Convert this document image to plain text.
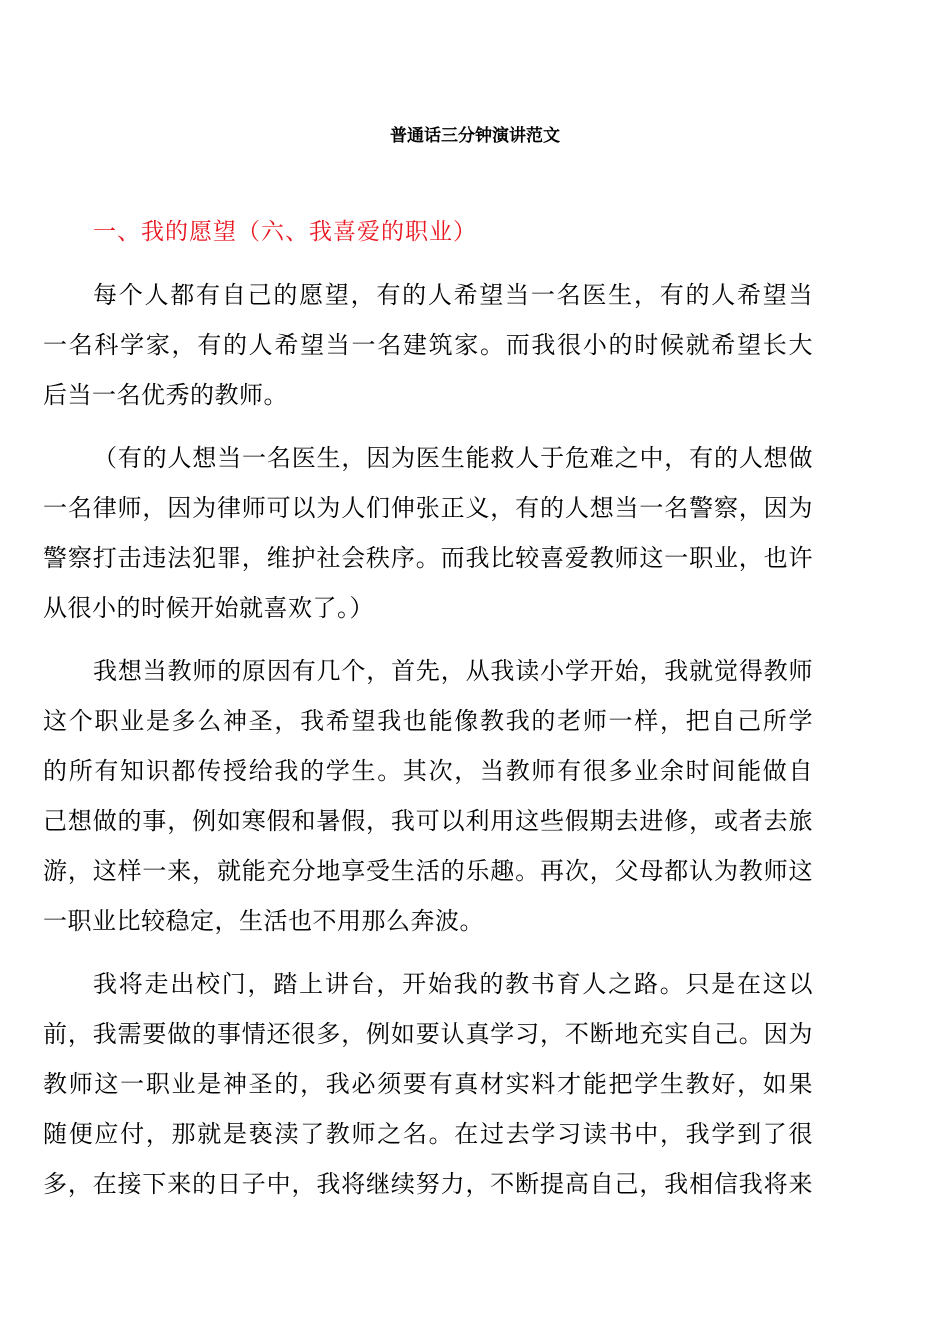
普通话三分钟演讲范文
一、我的愿望（六、我喜爱的职业）
每个人都有自己的愿望，有的人希望当一名医生，有的人希望当
一名科学家，有的人希望当一名建筑家。而我很小的时候就希望长大
后当一名优秀的教师。
（有的人想当一名医生，因为医生能救人于危难之中，有的人想做
一名律师，因为律师可以为人们伸张正义，有的人想当一名警察，因为
警察打击违法犯罪，维护社会秩序。而我比较喜爱教师这一职业，也许
从很小的时候开始就喜欢了。）
我想当教师的原因有几个，首先，从我读小学开始，我就觉得教师
这个职业是多么神圣，我希望我也能像教我的老师一样，把自己所学
的所有知识都传授给我的学生。其次，当教师有很多业余时间能做自
己想做的事，例如寒假和暑假，我可以利用这些假期去进修，或者去旅
游，这样一来，就能充分地享受生活的乐趣。再次，父母都认为教师这
一职业比较稳定，生活也不用那么奔波。
我将走出校门，踏上讲台，开始我的教书育人之路。只是在这以
前，我需要做的事情还很多，例如要认真学习，不断地充实自己。因为
教师这一职业是神圣的，我必须要有真材实料才能把学生教好，如果
随便应付，那就是亵渎了教师之名。在过去学习读书中，我学到了很
多，在接下来的日子中，我将继续努力，不断提高自己，我相信我将来
